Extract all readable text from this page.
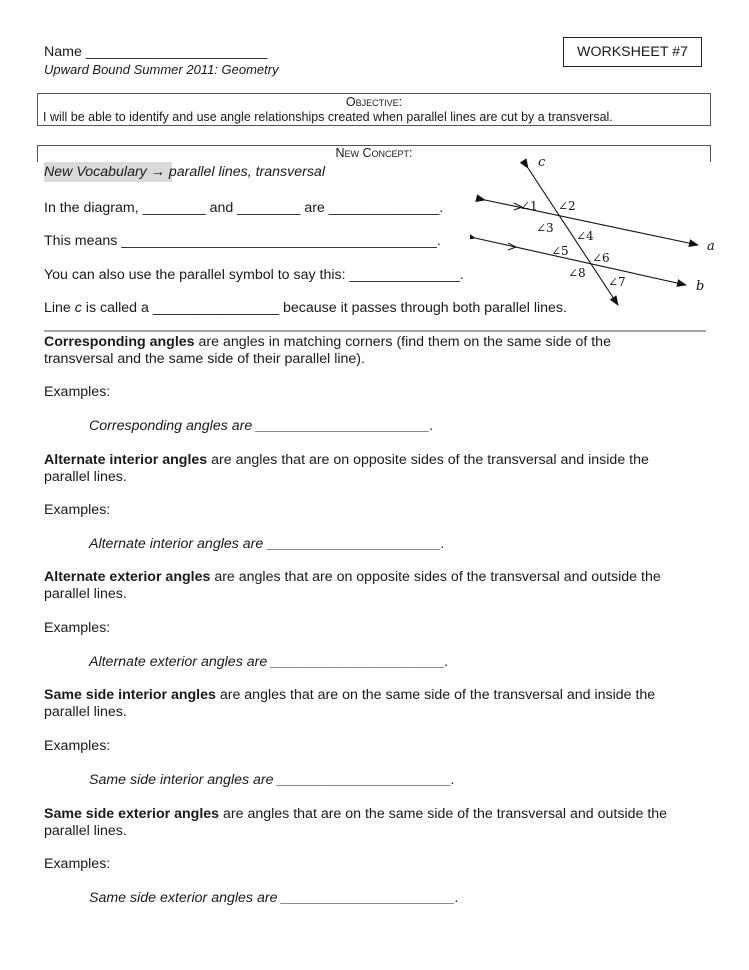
Name _______________________
Upward Bound Summer 2011: Geometry
WORKSHEET #7
Objective:
I will be able to identify and use angle relationships created when parallel lines are cut by a transversal.
New Concept:
New Vocabulary → parallel lines, transversal
In the diagram, ________ and ________ are ______________.
This means ________________________________________.
You can also use the parallel symbol to say this: ______________.
Line c is called a ________________ because it passes through both parallel lines.
c
a
b
∠1 ∠2
∠3
∠4
∠5 ∠6
∠7
∠8
Corresponding angles are angles in matching corners (find them on the same side of the
transversal and the same side of their parallel line).
Examples:
Corresponding angles are ______________________.
Alternate interior angles are angles that are on opposite sides of the transversal and inside the
parallel lines.
Examples:
Alternate interior angles are ______________________.
Alternate exterior angles are angles that are on opposite sides of the transversal and outside the
parallel lines.
Examples:
Alternate exterior angles are ______________________.
Same side interior angles are angles that are on the same side of the transversal and inside the
parallel lines.
Examples:
Same side interior angles are ______________________.
Same side exterior angles are angles that are on the same side of the transversal and outside the
parallel lines.
Examples:
Same side exterior angles are ______________________.
